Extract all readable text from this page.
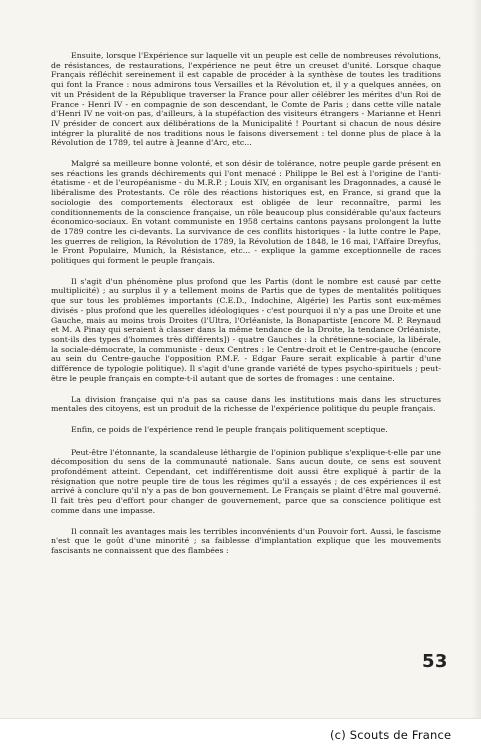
Ensuite, lorsque l'Expérience sur laquelle vit un peuple est celle de nombreuses révolutions, de résistances, de restaurations, l'expérience ne peut être un creuset d'unité. Lorsque chaque Français réfléchit sereinement il est capable de procéder à la synthèse de toutes les traditions qui font la France : nous admirons tous Versailles et la Révolution et, il y a quelques années, on vit un Président de la République traverser la France pour aller célébrer les mérites d'un Roi de France - Henri IV - en compagnie de son descendant, le Comte de Paris ; dans cette ville natale d'Henri IV ne voit-on pas, d'ailleurs, à la stupéfaction des visiteurs étrangers - Marianne et Henri IV présider de concert aux délibérations de la Municipalité ! Pourtant si chacun de nous désire intégrer la pluralité de nos traditions nous le faisons diversement : tel donne plus de place à la Révolution de 1789, tel autre à Jeanne d'Arc, etc...

Malgré sa meilleure bonne volonté, et son désir de tolérance, notre peuple garde présent en ses réactions les grands déchirements qui l'ont menacé : Philippe le Bel est à l'origine de l'anti-étatisme - et de l'européanisme - du M.R.P. ; Louis XIV, en organisant les Dragonnades, a causé le libéralisme des Protestants. Ce rôle des réactions historiques est, en France, si grand que la sociologie des comportements électoraux est obligée de leur reconnaître, parmi les conditionnements de la conscience française, un rôle beaucoup plus considérable qu'aux facteurs économico-sociaux. En votant communiste en 1958 certains cantons paysans prolongent la lutte de 1789 contre les ci-devants. La survivance de ces conflits historiques - la lutte contre le Pape, les guerres de religion, la Révolution de 1789, la Révolution de 1848, le 16 mai, l'Affaire Dreyfus, le Front Populaire, Munich, la Résistance, etc... - explique la gamme exceptionnelle de races politiques qui forment le peuple français.

Il s'agit d'un phénomène plus profond que les Partis (dont le nombre est causé par cette multiplicité) ; au surplus il y a tellement moins de Partis que de types de mentalités politiques que sur tous les problèmes importants (C.E.D., Indochine, Algérie) les Partis sont eux-mêmes divisés - plus profond que les querelles idéologiques - c'est pourquoi il n'y a pas une Droite et une Gauche, mais au moins trois Droites (l'Ultra, l'Orléaniste, la Bonapartiste [encore M. P. Reynaud et M. A Pinay qui seraient à classer dans la même tendance de la Droite, la tendance Orléaniste, sont-ils des types d'hommes très différents]) - quatre Gauches : la chrétienne-sociale, la libérale, la sociale-démocrate, la communiste - deux Centres : le Centre-droit et le Centre-gauche (encore au sein du Centre-gauche l'opposition P.M.F. - Edgar Faure serait explicable à partir d'une différence de typologie politique). Il s'agit d'une grande variété de types psycho-spirituels ; peut-être le peuple français en compte-t-il autant que de sortes de fromages : une centaine.

La division française qui n'a pas sa cause dans les institutions mais dans les structures mentales des citoyens, est un produit de la richesse de l'expérience politique du peuple français.

Enfin, ce poids de l'expérience rend le peuple français politiquement sceptique.

Peut-être l'étonnante, la scandaleuse léthargie de l'opinion publique s'explique-t-elle par une décomposition du sens de la communauté nationale. Sans aucun doute, ce sens est souvent profondément atteint. Cependant, cet indifférentisme doit aussi être expliqué à partir de la résignation que notre peuple tire de tous les régimes qu'il a essayés ; de ces expériences il est arrivé à conclure qu'il n'y a pas de bon gouvernement. Le Français se plaint d'être mal gouverné. Il fait très peu d'effort pour changer de gouvernement, parce que sa conscience politique est comme dans une impasse.

Il connaît les avantages mais les terribles inconvénients d'un Pouvoir fort. Aussi, le fascisme n'est que le goût d'une minorité ; sa faiblesse d'implantation explique que les mouvements fascisants ne connaissent que des flambées :

53
(c) Scouts de France
